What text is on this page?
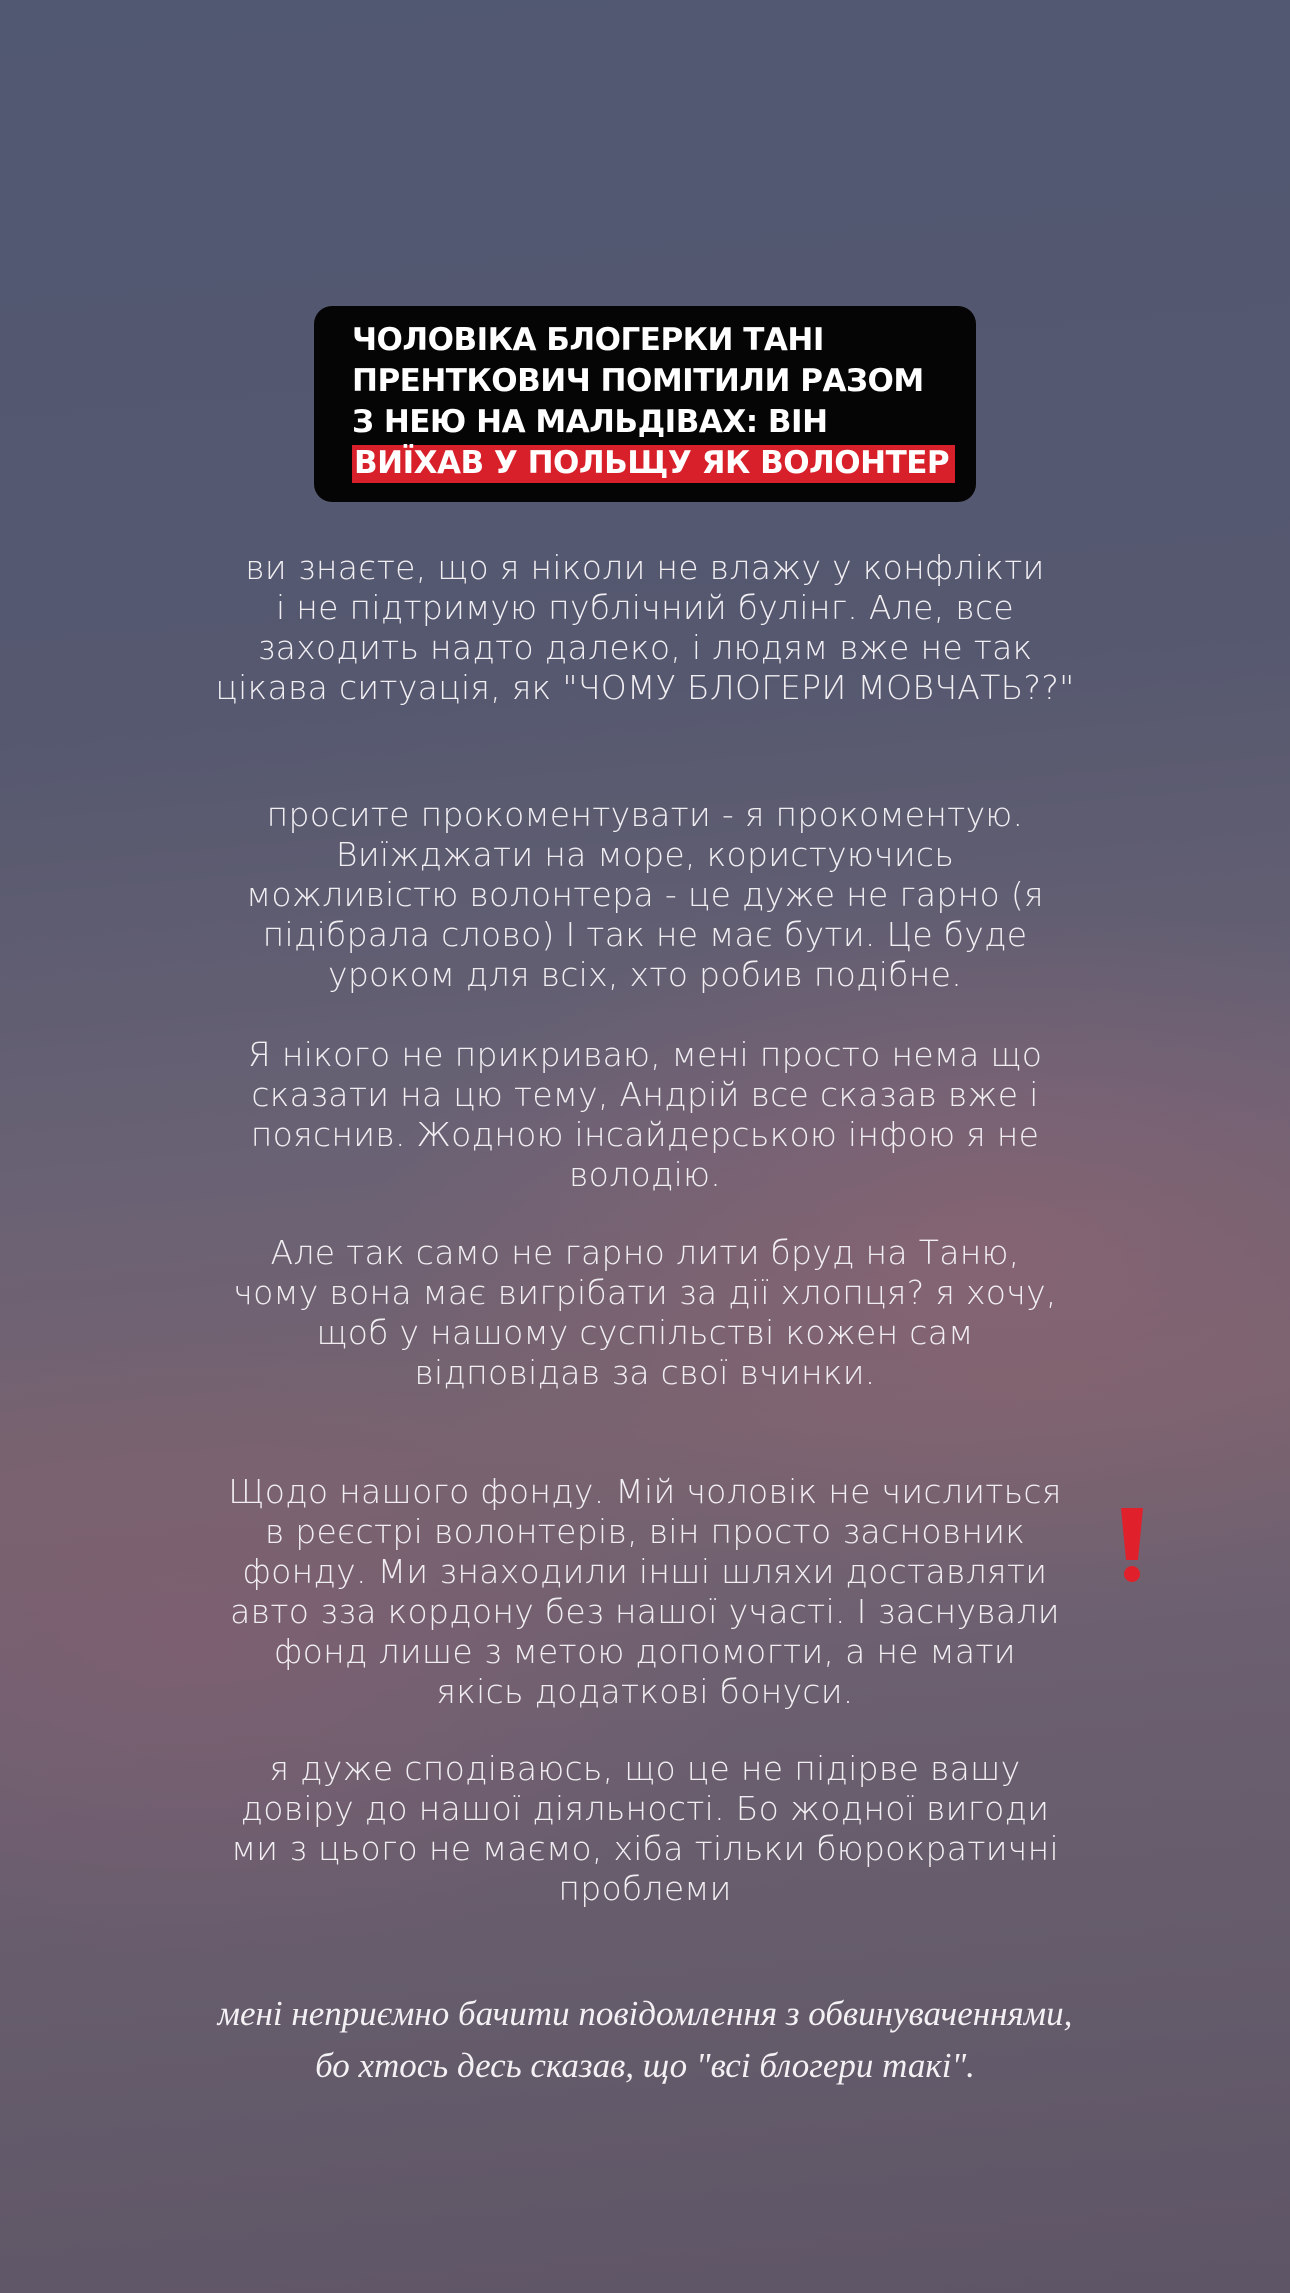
ЧОЛОВІКА БЛОГЕРКИ ТАНІ
ПРЕНТКОВИЧ ПОМІТИЛИ РАЗОМ
З НЕЮ НА МАЛЬДІВАХ: ВІН
ВИЇХАВ У ПОЛЬЩУ ЯК ВОЛОНТЕР
ви знаєте, що я ніколи не влажу у конфлікти
і не підтримую публічний булінг. Але, все
заходить надто далеко, і людям вже не так
цікава ситуація, як "ЧОМУ БЛОГЕРИ МОВЧАТЬ??"
просите прокоментувати - я прокоментую.
Виїжджати на море, користуючись
можливістю волонтера - це дуже не гарно (я
підібрала слово) І так не має бути. Це буде
уроком для всіх, хто робив подібне.
Я нікого не прикриваю, мені просто нема що
сказати на цю тему, Андрій все сказав вже і
пояснив. Жодною інсайдерською інфою я не
володію.
Але так само не гарно лити бруд на Таню,
чому вона має вигрібати за дії хлопця? я хочу,
щоб у нашому суспільстві кожен сам
відповідав за свої вчинки.
Щодо нашого фонду. Мій чоловік не числиться
в реєстрі волонтерів, він просто засновник
фонду. Ми знаходили інші шляхи доставляти
авто зза кордону без нашої участі. І заснували
фонд лише з метою допомогти, а не мати
якісь додаткові бонуси.
я дуже сподіваюсь, що це не підірве вашу
довіру до нашої діяльності. Бо жодної вигоди
ми з цього не маємо, хіба тільки бюрократичні
проблеми
мені неприємно бачити повідомлення з обвинуваченнями,
бо хтось десь сказав, що "всі блогери такі".
